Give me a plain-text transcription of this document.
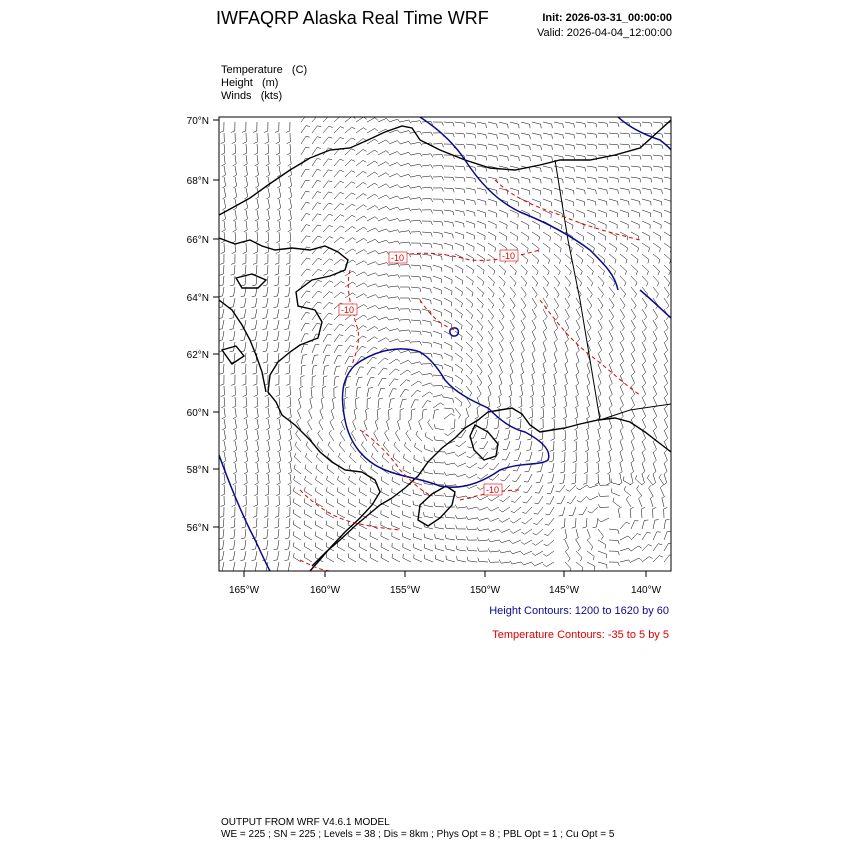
IWFAQRP Alaska Real Time WRF	Init: 2026-03-31_00:00:00
Valid: 2026-04-04_12:00:00
Temperature   (C)
Height   (m)
Winds   (kts)
-10	-10
-10
-10
70°N
68°N
66°N
64°N
62°N
60°N
58°N
56°N
165°W	160°W	155°W	150°W	145°W	140°W
Height Contours: 1200 to 1620 by 60
Temperature Contours: -35 to 5 by 5
OUTPUT FROM WRF V4.6.1 MODEL
WE = 225 ; SN = 225 ; Levels = 38 ; Dis = 8km ; Phys Opt = 8 ; PBL Opt = 1 ; Cu Opt = 5
